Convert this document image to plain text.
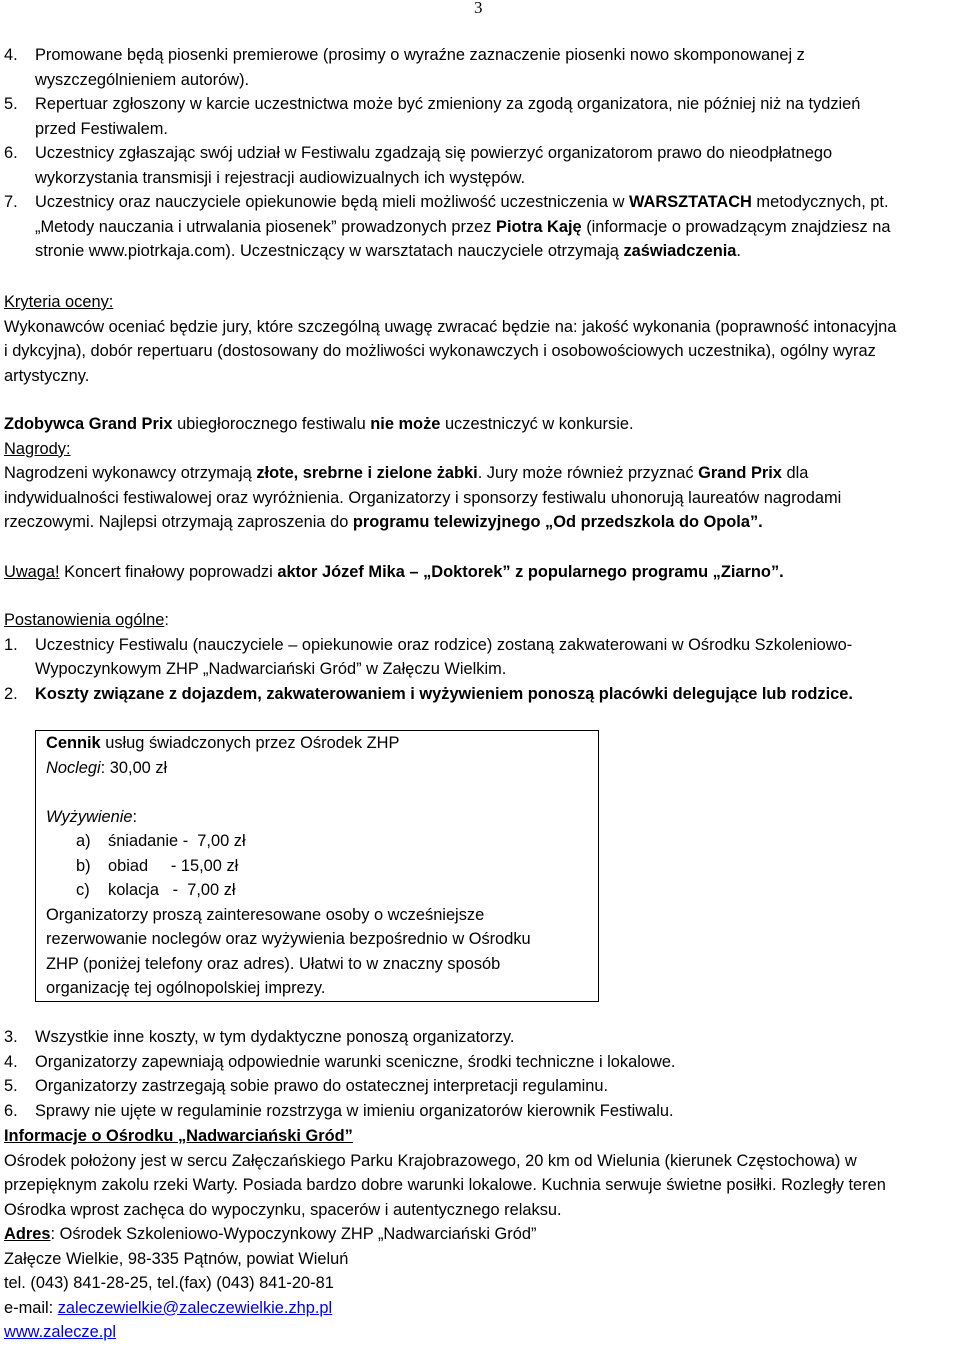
3
4.	Promowane będą piosenki premierowe (prosimy o wyraźne zaznaczenie piosenki nowo skomponowanej z
wyszczególnieniem autorów).
5.	Repertuar zgłoszony w karcie uczestnictwa może być zmieniony za zgodą organizatora, nie później niż na tydzień
przed Festiwalem.
6.	Uczestnicy zgłaszając swój udział w Festiwalu zgadzają się powierzyć organizatorom prawo do nieodpłatnego
wykorzystania transmisji i rejestracji audiowizualnych ich występów.
7.	Uczestnicy oraz nauczyciele opiekunowie będą mieli możliwość uczestniczenia w WARSZTATACH metodycznych, pt.
„Metody nauczania i utrwalania piosenek” prowadzonych przez Piotra Kaję (informacje o prowadzącym znajdziesz na
stronie www.piotrkaja.com). Uczestniczący w warsztatach nauczyciele otrzymają zaświadczenia.
Kryteria oceny:
Wykonawców oceniać będzie jury, które szczególną uwagę zwracać będzie na: jakość wykonania (poprawność intonacyjna
i dykcyjna), dobór repertuaru (dostosowany do możliwości wykonawczych i osobowościowych uczestnika), ogólny wyraz
artystyczny.
Zdobywca Grand Prix ubiegłorocznego festiwalu nie może uczestniczyć w konkursie.
Nagrody:
Nagrodzeni wykonawcy otrzymają złote, srebrne i zielone żabki. Jury może również przyznać Grand Prix dla
indywidualności festiwalowej oraz wyróżnienia. Organizatorzy i sponsorzy festiwalu uhonorują laureatów nagrodami
rzeczowymi. Najlepsi otrzymają zaproszenia do programu telewizyjnego „Od przedszkola do Opola”.
Uwaga! Koncert finałowy poprowadzi aktor Józef Mika – „Doktorek” z popularnego programu „Ziarno”.
Postanowienia ogólne:
1.	Uczestnicy Festiwalu (nauczyciele – opiekunowie oraz rodzice) zostaną zakwaterowani w Ośrodku Szkoleniowo-
Wypoczynkowym ZHP „Nadwarciański Gród” w Załęczu Wielkim.
2.	Koszty związane z dojazdem, zakwaterowaniem i wyżywieniem ponoszą placówki delegujące lub rodzice.
Cennik usług świadczonych przez Ośrodek ZHP
Noclegi: 30,00 zł
Wyżywienie:
a)	śniadanie -  7,00 zł
b)	obiad     - 15,00 zł
c)	kolacja   -  7,00 zł
Organizatorzy proszą zainteresowane osoby o wcześniejsze
rezerwowanie noclegów oraz wyżywienia bezpośrednio w Ośrodku
ZHP (poniżej telefony oraz adres). Ułatwi to w znaczny sposób
organizację tej ogólnopolskiej imprezy.
3.	Wszystkie inne koszty, w tym dydaktyczne ponoszą organizatorzy.
4.	Organizatorzy zapewniają odpowiednie warunki sceniczne, środki techniczne i lokalowe.
5.	Organizatorzy zastrzegają sobie prawo do ostatecznej interpretacji regulaminu.
6.	Sprawy nie ujęte w regulaminie rozstrzyga w imieniu organizatorów kierownik Festiwalu.
Informacje o Ośrodku „Nadwarciański Gród”
Ośrodek położony jest w sercu Załęczańskiego Parku Krajobrazowego, 20 km od Wielunia (kierunek Częstochowa) w
przepięknym zakolu rzeki Warty. Posiada bardzo dobre warunki lokalowe. Kuchnia serwuje świetne posiłki. Rozległy teren
Ośrodka wprost zachęca do wypoczynku, spacerów i autentycznego relaksu.
Adres: Ośrodek Szkoleniowo-Wypoczynkowy ZHP „Nadwarciański Gród”
Załęcze Wielkie, 98-335 Pątnów, powiat Wieluń
tel. (043) 841-28-25, tel.(fax) (043) 841-20-81
e-mail: zaleczewielkie@zaleczewielkie.zhp.pl
www.zalecze.pl
